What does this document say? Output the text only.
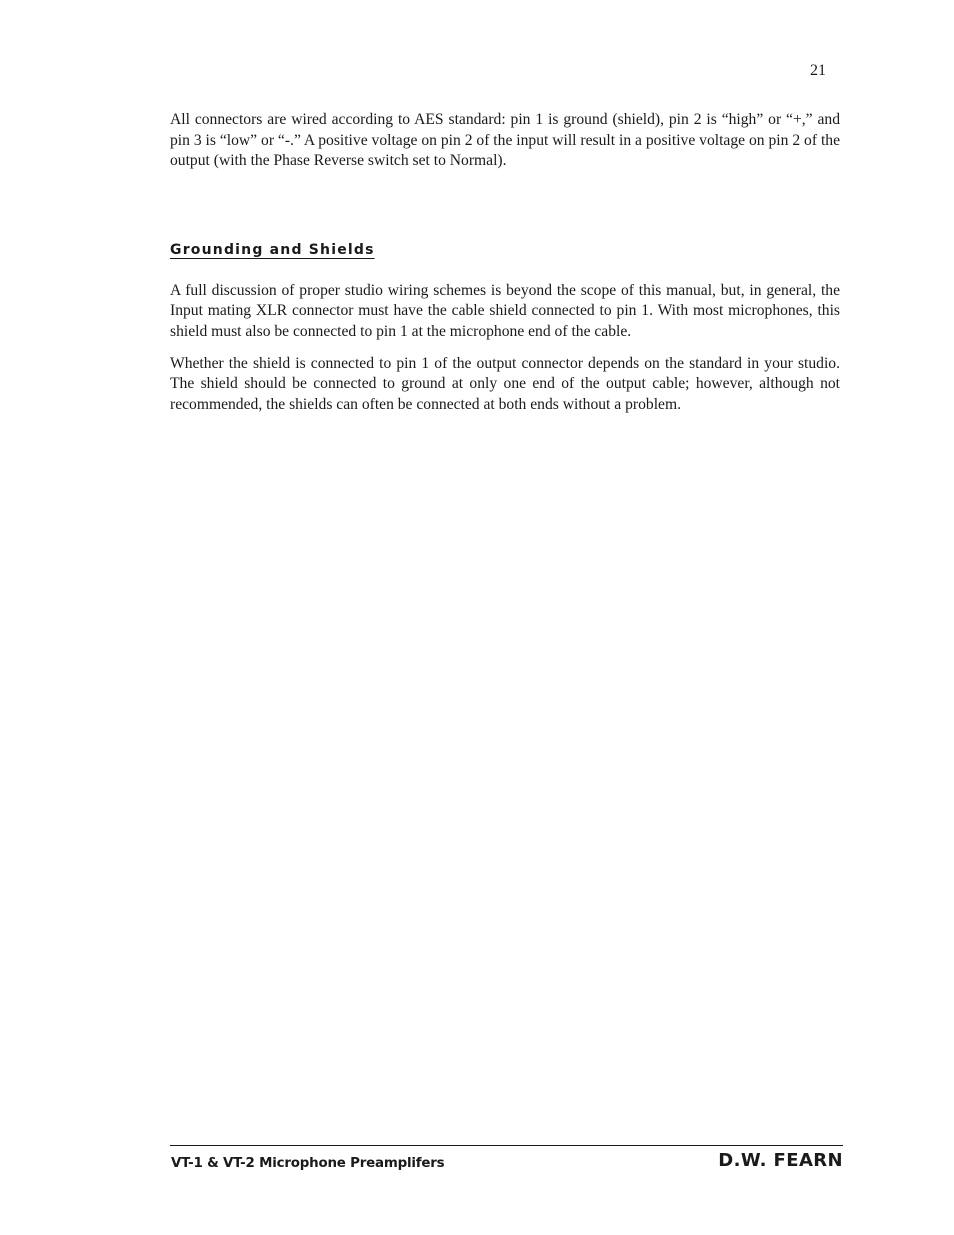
21

All connectors are wired according to AES standard: pin 1 is ground (shield), pin 2 is “high” or “+,” and pin 3 is “low” or “-.” A positive voltage on pin 2 of the input will result in a positive voltage on pin 2 of the output (with the Phase Reverse switch set to Normal).

Grounding and Shields

A full discussion of proper studio wiring schemes is beyond the scope of this manual, but, in general, the Input mating XLR connector must have the cable shield connected to pin 1. With most microphones, this shield must also be connected to pin 1 at the microphone end of the cable.

Whether the shield is connected to pin 1 of the output connector depends on the standard in your studio. The shield should be connected to ground at only one end of the output cable; however, although not recommended, the shields can often be connected at both ends without a problem.

VT-1 & VT-2 Microphone Preamplifers	D.W. FEARN
